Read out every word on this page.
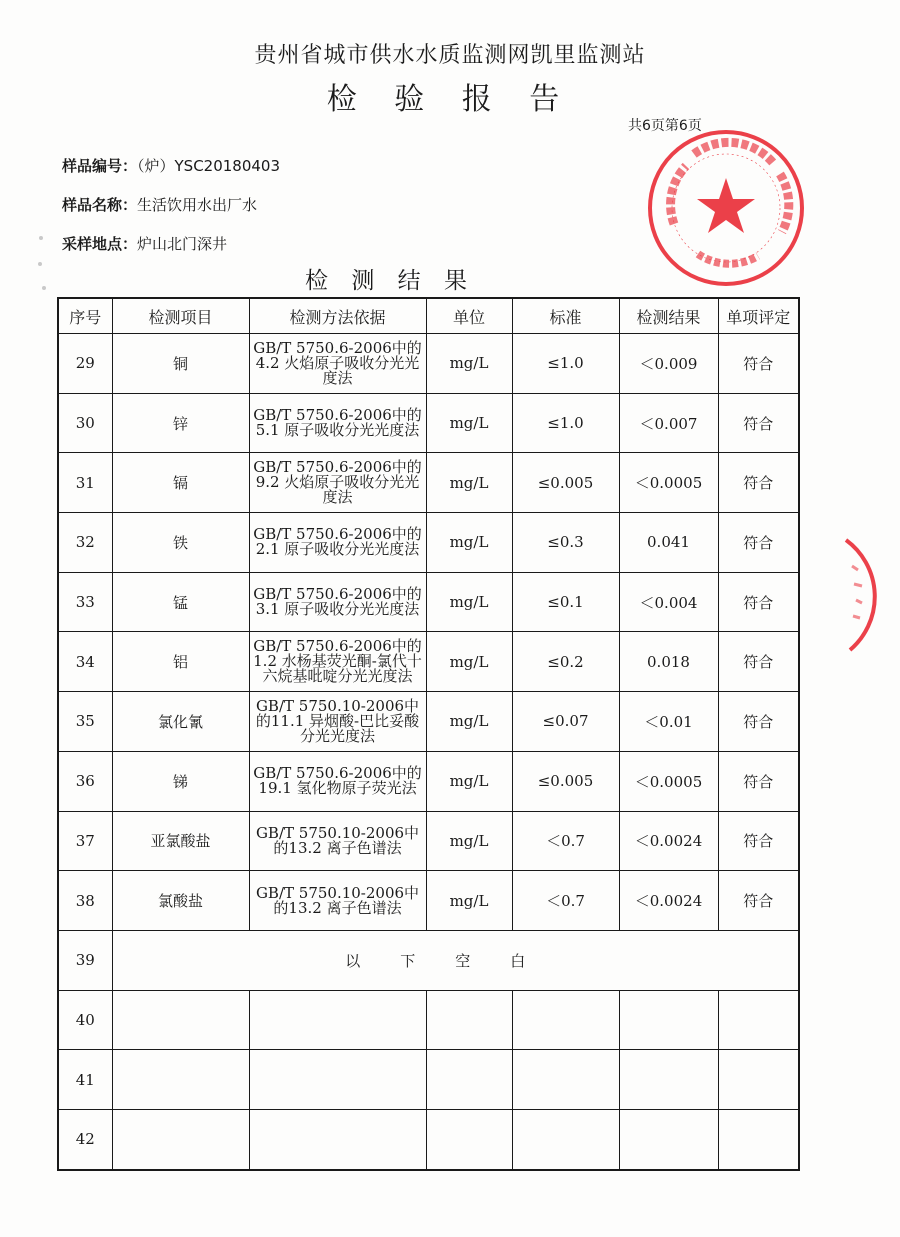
贵州省城市供水水质监测网凯里监测站
检 验 报 告
共6页第6页
样品编号：（炉）YSC20180403
样品名称：生活饮用水出厂水
采样地点：炉山北门深井
检 测 结 果
序号	检测项目	检测方法依据	单位	标准	检测结果	单项评定
29	铜	GB/T 5750.6-2006中的4.2 火焰原子吸收分光光度法	mg/L	≤1.0	＜0.009	符合
30	锌	GB/T 5750.6-2006中的5.1 原子吸收分光光度法	mg/L	≤1.0	＜0.007	符合
31	镉	GB/T 5750.6-2006中的9.2 火焰原子吸收分光光度法	mg/L	≤0.005	＜0.0005	符合
32	铁	GB/T 5750.6-2006中的2.1 原子吸收分光光度法	mg/L	≤0.3	0.041	符合
33	锰	GB/T 5750.6-2006中的3.1 原子吸收分光光度法	mg/L	≤0.1	＜0.004	符合
34	铝	GB/T 5750.6-2006中的1.2 水杨基荧光酮-氯代十六烷基吡啶分光光度法	mg/L	≤0.2	0.018	符合
35	氯化氰	GB/T 5750.10-2006中的11.1 异烟酸-巴比妥酸分光光度法	mg/L	≤0.07	＜0.01	符合
36	锑	GB/T 5750.6-2006中的19.1 氢化物原子荧光法	mg/L	≤0.005	＜0.0005	符合
37	亚氯酸盐	GB/T 5750.10-2006中的13.2 离子色谱法	mg/L	＜0.7	＜0.0024	符合
38	氯酸盐	GB/T 5750.10-2006中的13.2 离子色谱法	mg/L	＜0.7	＜0.0024	符合
39	以下空白					
40						
41						
42						
